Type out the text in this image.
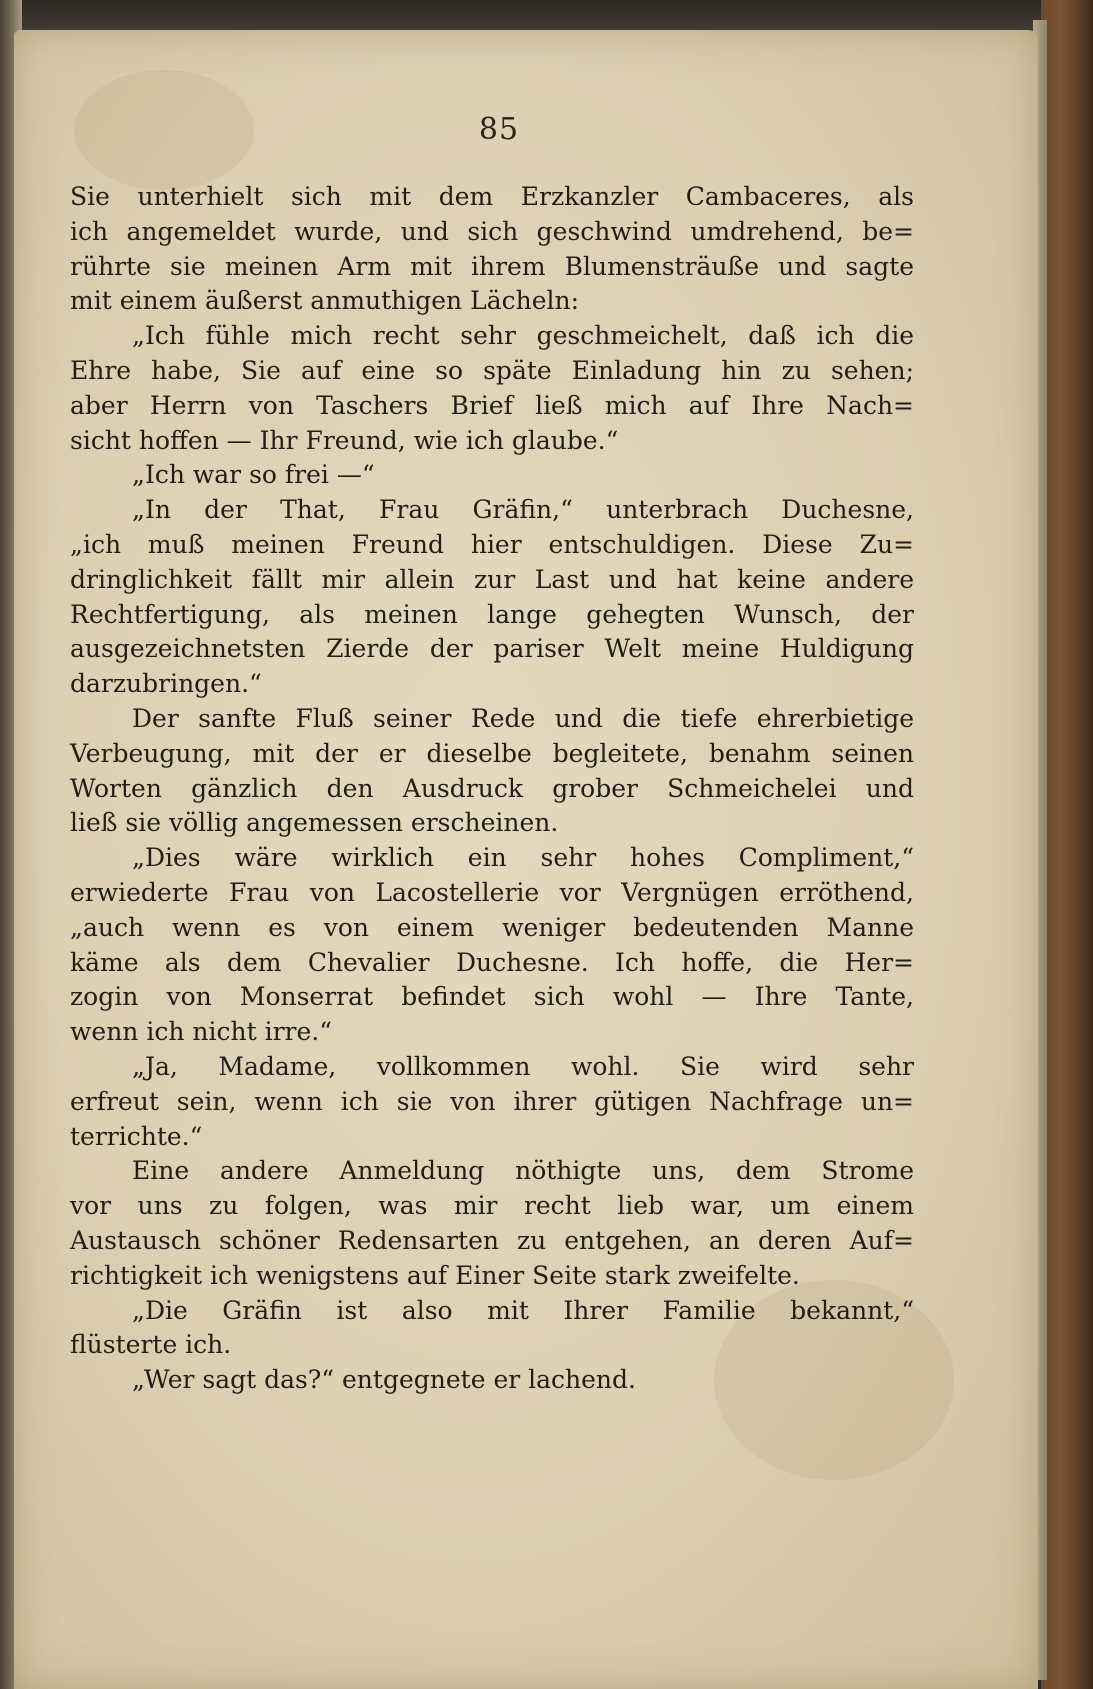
85
Sie unterhielt sich mit dem Erzkanzler Cambaceres, als
ich angemeldet wurde, und sich geschwind umdrehend, be=
rührte sie meinen Arm mit ihrem Blumensträuße und sagte
mit einem äußerst anmuthigen Lächeln:
„Ich fühle mich recht sehr geschmeichelt, daß ich die
Ehre habe, Sie auf eine so späte Einladung hin zu sehen;
aber Herrn von Taschers Brief ließ mich auf Ihre Nach=
sicht hoffen — Ihr Freund, wie ich glaube.“
„Ich war so frei —“
„In der That, Frau Gräfin,“ unterbrach Duchesne,
„ich muß meinen Freund hier entschuldigen. Diese Zu=
dringlichkeit fällt mir allein zur Last und hat keine andere
Rechtfertigung, als meinen lange gehegten Wunsch, der
ausgezeichnetsten Zierde der pariser Welt meine Huldigung
darzubringen.“
Der sanfte Fluß seiner Rede und die tiefe ehrerbietige
Verbeugung, mit der er dieselbe begleitete, benahm seinen
Worten gänzlich den Ausdruck grober Schmeichelei und
ließ sie völlig angemessen erscheinen.
„Dies wäre wirklich ein sehr hohes Compliment,“
erwiederte Frau von Lacostellerie vor Vergnügen erröthend,
„auch wenn es von einem weniger bedeutenden Manne
käme als dem Chevalier Duchesne. Ich hoffe, die Her=
zogin von Monserrat befindet sich wohl — Ihre Tante,
wenn ich nicht irre.“
„Ja, Madame, vollkommen wohl. Sie wird sehr
erfreut sein, wenn ich sie von ihrer gütigen Nachfrage un=
terrichte.“
Eine andere Anmeldung nöthigte uns, dem Strome
vor uns zu folgen, was mir recht lieb war, um einem
Austausch schöner Redensarten zu entgehen, an deren Auf=
richtigkeit ich wenigstens auf Einer Seite stark zweifelte.
„Die Gräfin ist also mit Ihrer Familie bekannt,“
flüsterte ich.
„Wer sagt das?“ entgegnete er lachend.
